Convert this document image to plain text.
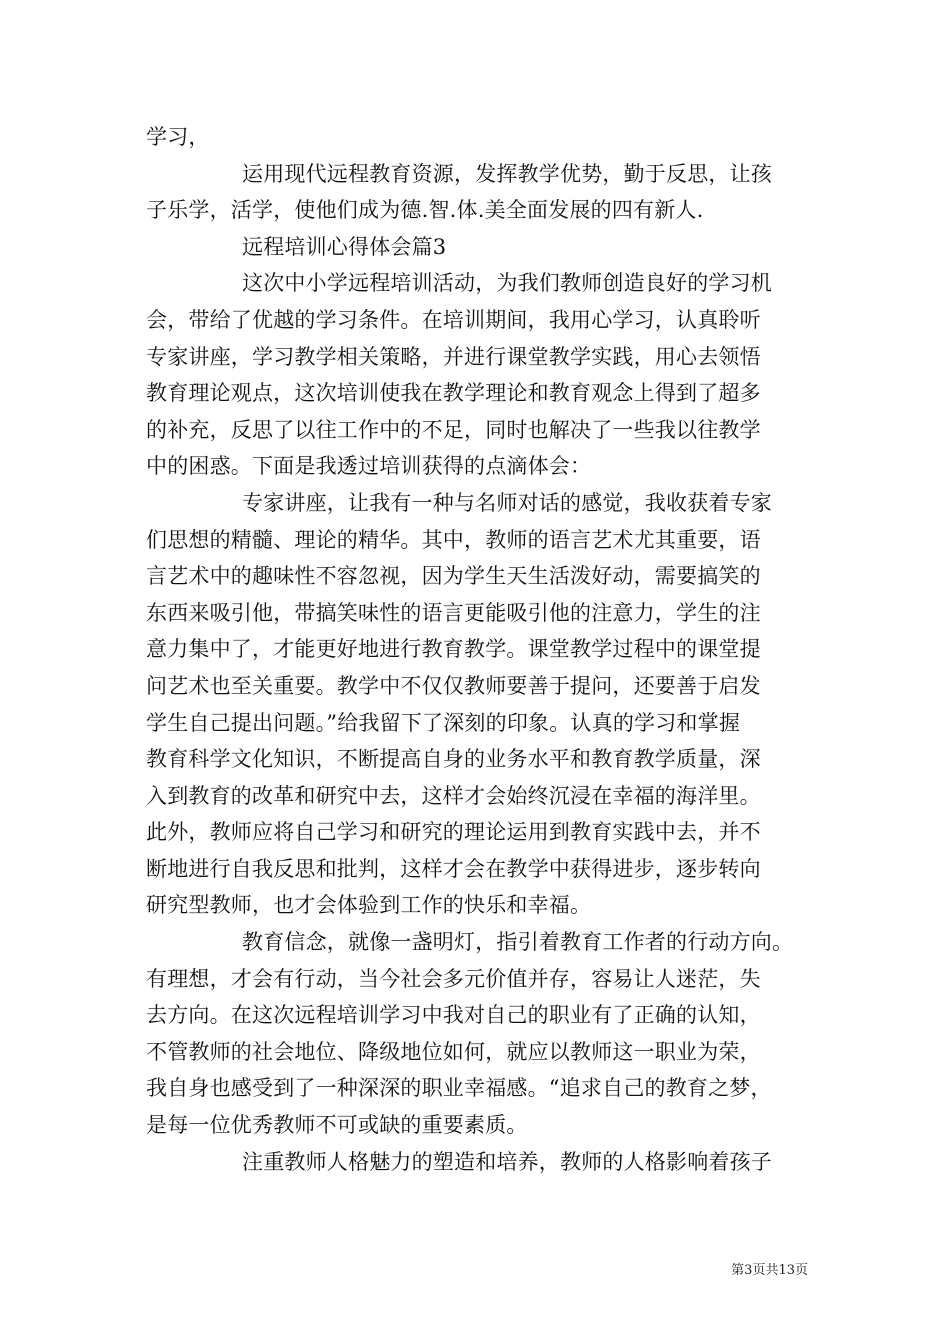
学习，
运用现代远程教育资源，发挥教学优势，勤于反思，让孩
子乐学，活学，使他们成为德.智.体.美全面发展的四有新人.
远程培训心得体会篇3
这次中小学远程培训活动，为我们教师创造良好的学习机
会，带给了优越的学习条件。在培训期间，我用心学习，认真聆听
专家讲座，学习教学相关策略，并进行课堂教学实践，用心去领悟
教育理论观点，这次培训使我在教学理论和教育观念上得到了超多
的补充，反思了以往工作中的不足，同时也解决了一些我以往教学
中的困惑。下面是我透过培训获得的点滴体会：
专家讲座，让我有一种与名师对话的感觉，我收获着专家
们思想的精髓、理论的精华。其中，教师的语言艺术尤其重要，语
言艺术中的趣味性不容忽视，因为学生天生活泼好动，需要搞笑的
东西来吸引他，带搞笑味性的语言更能吸引他的注意力，学生的注
意力集中了，才能更好地进行教育教学。课堂教学过程中的课堂提
问艺术也至关重要。教学中不仅仅教师要善于提问，还要善于启发
学生自己提出问题。”给我留下了深刻的印象。认真的学习和掌握
教育科学文化知识，不断提高自身的业务水平和教育教学质量，深
入到教育的改革和研究中去，这样才会始终沉浸在幸福的海洋里。
此外，教师应将自己学习和研究的理论运用到教育实践中去，并不
断地进行自我反思和批判，这样才会在教学中获得进步，逐步转向
研究型教师，也才会体验到工作的快乐和幸福。
教育信念，就像一盏明灯，指引着教育工作者的行动方向。
有理想，才会有行动，当今社会多元价值并存，容易让人迷茫，失
去方向。在这次远程培训学习中我对自己的职业有了正确的认知，
不管教师的社会地位、降级地位如何，就应以教师这一职业为荣，
我自身也感受到了一种深深的职业幸福感。“追求自己的教育之梦，
是每一位优秀教师不可或缺的重要素质。
注重教师人格魅力的塑造和培养，教师的人格影响着孩子
第3页共13页
